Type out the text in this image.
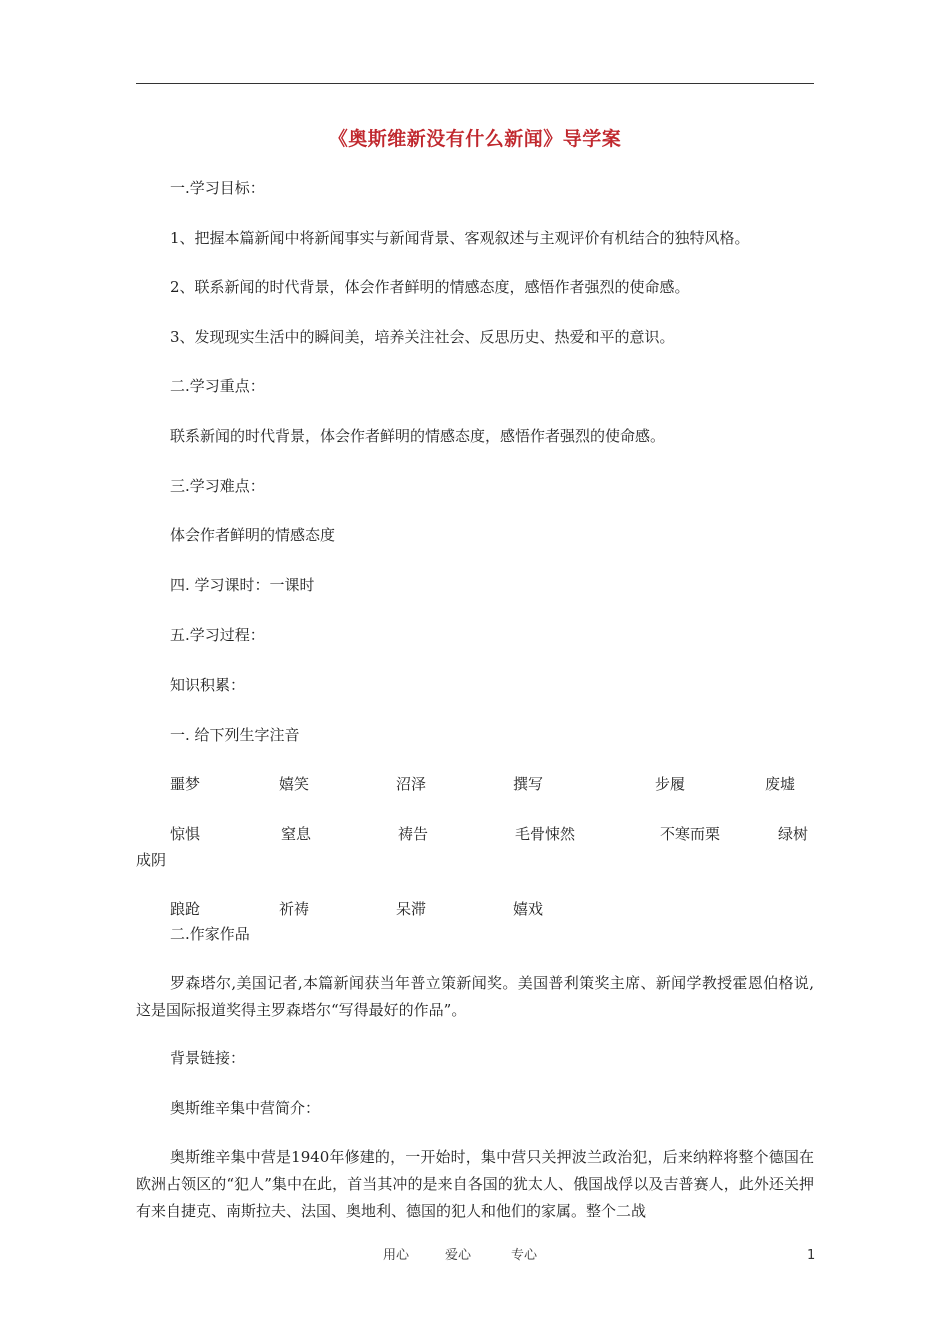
《奥斯维新没有什么新闻》导学案
一.学习目标：
1、把握本篇新闻中将新闻事实与新闻背景、客观叙述与主观评价有机结合的独特风格。
2、联系新闻的时代背景，体会作者鲜明的情感态度，感悟作者强烈的使命感。
3、发现现实生活中的瞬间美，培养关注社会、反思历史、热爱和平的意识。
二.学习重点：
联系新闻的时代背景，体会作者鲜明的情感态度，感悟作者强烈的使命感。
三.学习难点：
体会作者鲜明的情感态度
四. 学习课时：一课时
五.学习过程：
知识积累：
一. 给下列生字注音
噩梦	嬉笑	沼泽	撰写	步履	废墟
惊惧	窒息	祷告	毛骨悚然	不寒而栗	绿树
成阴
踉跄	祈祷	呆滞	嬉戏
二.作家作品
罗森塔尔,美国记者,本篇新闻获当年普立策新闻奖。美国普利策奖主席、新闻学教授霍恩伯格说,这是国际报道奖得主罗森塔尔“写得最好的作品”。
背景链接：
奥斯维辛集中营简介：
奥斯维辛集中营是1940年修建的，一开始时，集中营只关押波兰政治犯，后来纳粹将整个德国在欧洲占领区的“犯人”集中在此，首当其冲的是来自各国的犹太人、俄国战俘以及吉普赛人，此外还关押有来自捷克、南斯拉夫、法国、奥地利、德国的犯人和他们的家属。整个二战
用心	爱心	专心	1
